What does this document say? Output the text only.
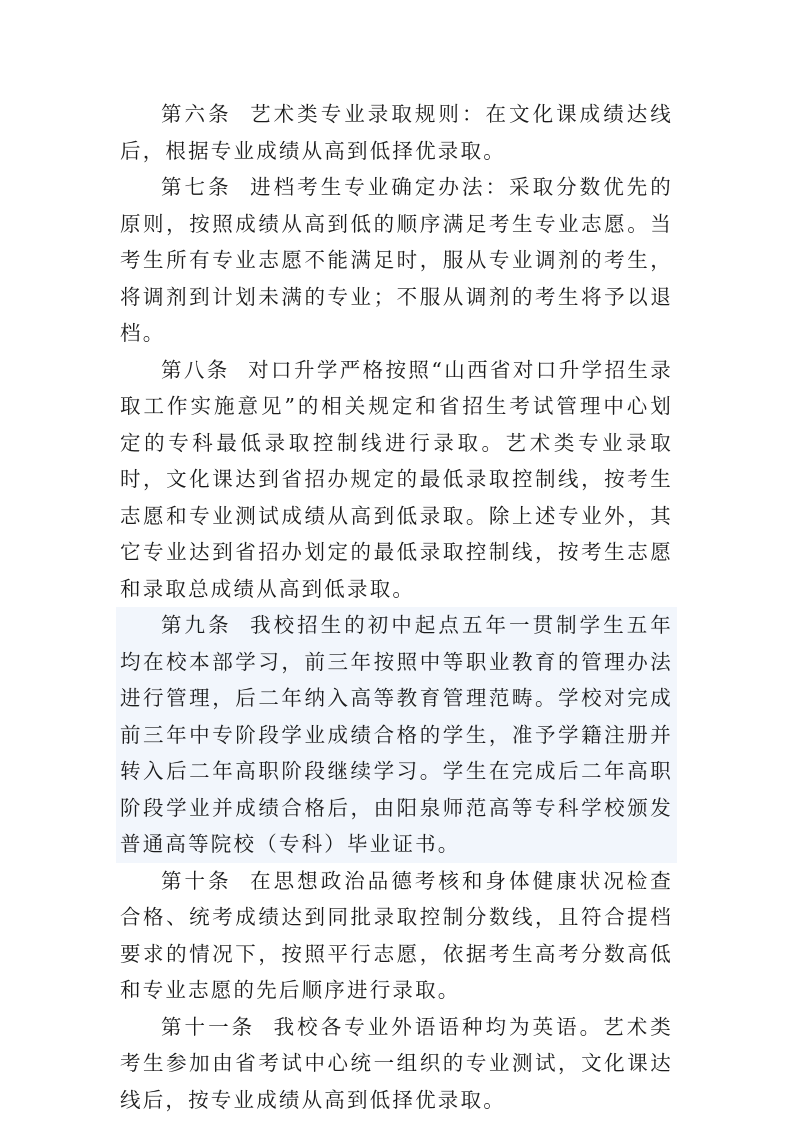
第六条 艺术类专业录取规则：在文化课成绩达线后，根据专业成绩从高到低择优录取。

第七条 进档考生专业确定办法：采取分数优先的原则，按照成绩从高到低的顺序满足考生专业志愿。当考生所有专业志愿不能满足时，服从专业调剂的考生，将调剂到计划未满的专业；不服从调剂的考生将予以退档。

第八条 对口升学严格按照“山西省对口升学招生录取工作实施意见”的相关规定和省招生考试管理中心划定的专科最低录取控制线进行录取。艺术类专业录取时，文化课达到省招办规定的最低录取控制线，按考生志愿和专业测试成绩从高到低录取。除上述专业外，其它专业达到省招办划定的最低录取控制线，按考生志愿和录取总成绩从高到低录取。

第九条 我校招生的初中起点五年一贯制学生五年均在校本部学习，前三年按照中等职业教育的管理办法进行管理，后二年纳入高等教育管理范畴。学校对完成前三年中专阶段学业成绩合格的学生，准予学籍注册并转入后二年高职阶段继续学习。学生在完成后二年高职阶段学业并成绩合格后，由阳泉师范高等专科学校颁发普通高等院校（专科）毕业证书。

第十条 在思想政治品德考核和身体健康状况检查合格、统考成绩达到同批录取控制分数线，且符合提档要求的情况下，按照平行志愿，依据考生高考分数高低和专业志愿的先后顺序进行录取。

第十一条 我校各专业外语语种均为英语。艺术类考生参加由省考试中心统一组织的专业测试，文化课达线后，按专业成绩从高到低择优录取。
